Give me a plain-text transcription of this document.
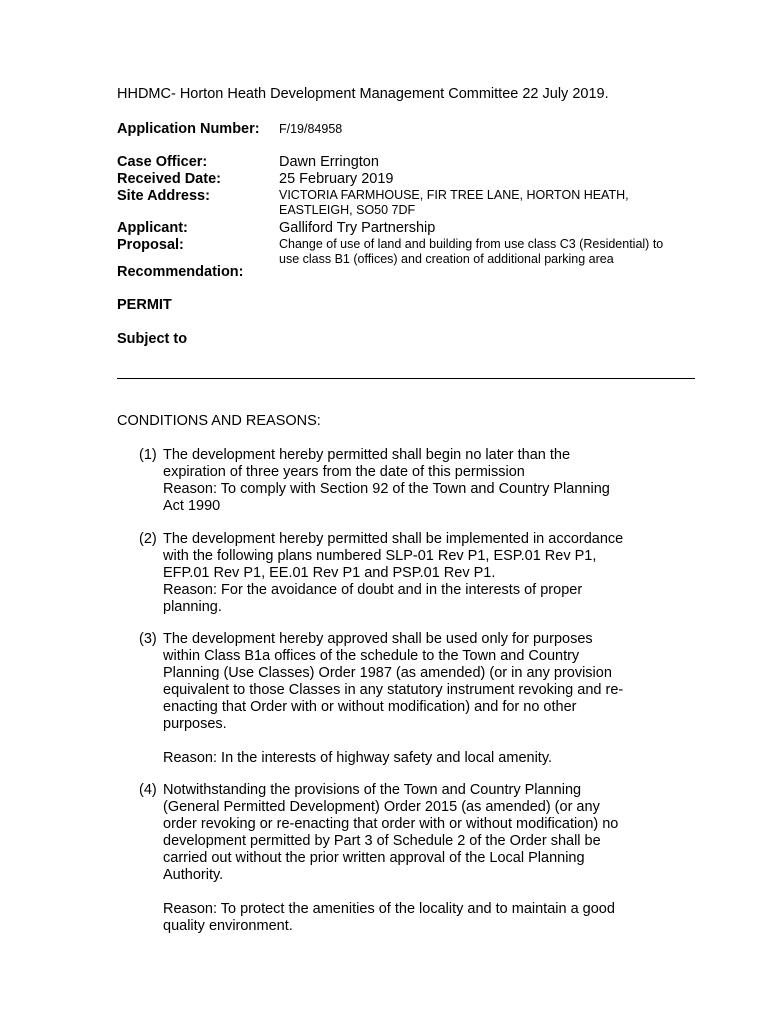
HHDMC- Horton Heath Development Management Committee 22 July 2019.
Application Number:	F/19/84958
Case Officer:	Dawn Errington
Received Date:	25 February 2019
Site Address:	VICTORIA FARMHOUSE, FIR TREE LANE, HORTON HEATH,
EASTLEIGH, SO50 7DF
Applicant:	Galliford Try Partnership
Proposal:	Change of use of land and building from use class C3 (Residential) to
use class B1 (offices) and creation of additional parking area
Recommendation:
PERMIT
Subject to
CONDITIONS AND REASONS:
(1) The development hereby permitted shall begin no later than the
expiration of three years from the date of this permission
Reason: To comply with Section 92 of the Town and Country Planning
Act 1990
(2) The development hereby permitted shall be implemented in accordance
with the following plans numbered SLP-01 Rev P1, ESP.01 Rev P1,
EFP.01 Rev P1, EE.01 Rev P1 and PSP.01 Rev P1.
Reason: For the avoidance of doubt and in the interests of proper
planning.
(3) The development hereby approved shall be used only for purposes
within Class B1a offices of the schedule to the Town and Country
Planning (Use Classes) Order 1987 (as amended) (or in any provision
equivalent to those Classes in any statutory instrument revoking and re-
enacting that Order with or without modification) and for no other
purposes.
Reason: In the interests of highway safety and local amenity.
(4) Notwithstanding the provisions of the Town and Country Planning
(General Permitted Development) Order 2015 (as amended) (or any
order revoking or re-enacting that order with or without modification) no
development permitted by Part 3 of Schedule 2 of the Order shall be
carried out without the prior written approval of the Local Planning
Authority.
Reason: To protect the amenities of the locality and to maintain a good
quality environment.
